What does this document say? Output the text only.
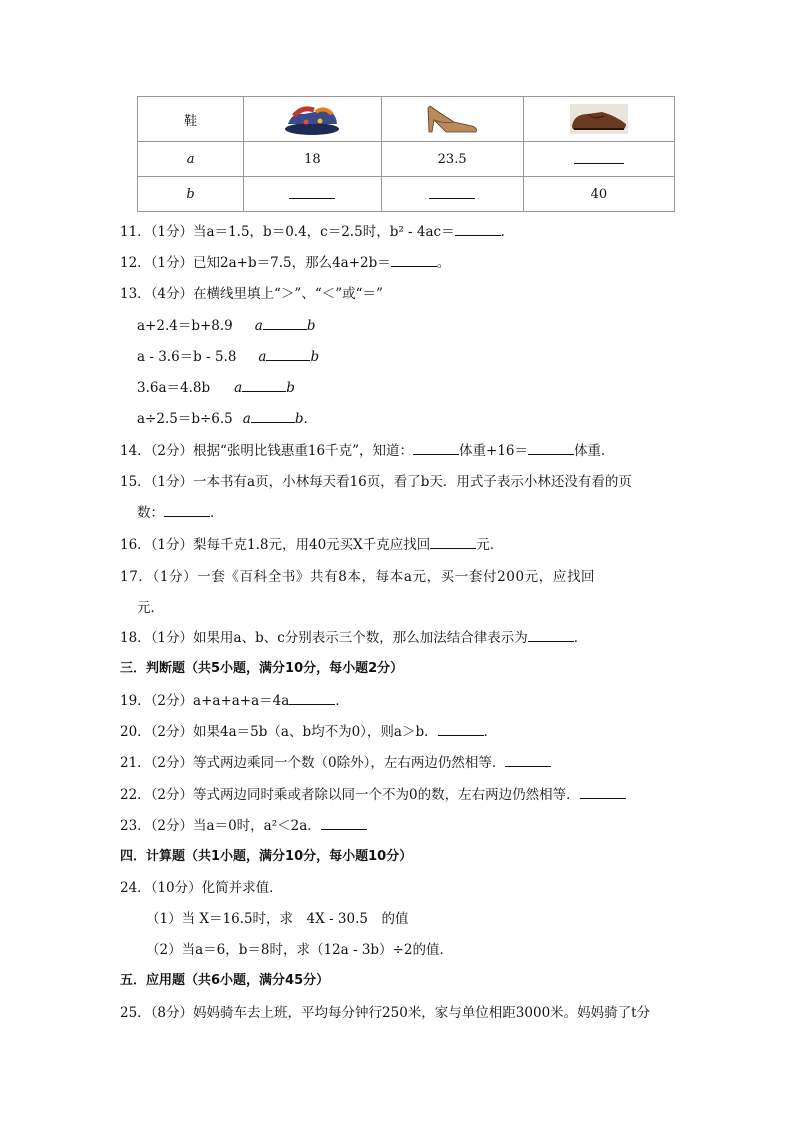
鞋	

a	18	23.5	
b			40
11．（1分）当a＝1.5，b＝0.4，c＝2.5时，b² - 4ac＝	．
12．（1分）已知2a+b＝7.5，那么4a+2b＝	。
13．（4分）在横线里填上“＞”、“＜”或“＝”
a+2.4＝b+8.9 a	b
a - 3.6＝b - 5.8 a	b
3.6a＝4.8b a	b
a÷2.5＝b÷6.5 a	b．
14．（2分）根据“张明比钱惠重16千克”，知道：	体重+16＝	体重．
15．（1分）一本书有a页，小林每天看16页，看了b天．用式子表示小林还没有看的页
数：	．
16．（1分）梨每千克1.8元，用40元买X千克应找回	元．
17．（1分）一套《百科全书》共有8本，每本a元，买一套付200元，应找回
元．
18．（1分）如果用a、b、c分别表示三个数，那么加法结合律表示为	．
三．判断题（共5小题，满分10分，每小题2分）
19．（2分）a+a+a+a＝4a	．
20．（2分）如果4a＝5b（a、b均不为0），则a＞b．	．
21．（2分）等式两边乘同一个数（0除外），左右两边仍然相等．
22．（2分）等式两边同时乘或者除以同一个不为0的数，左右两边仍然相等．
23．（2分）当a＝0时，a²＜2a．
四．计算题（共1小题，满分10分，每小题10分）
24．（10分）化简并求值．
（1）当 X＝16.5时，求　4X - 30.5　的值
（2）当a＝6，b＝8时，求（12a - 3b）÷2的值．
五．应用题（共6小题，满分45分）
25．（8分）妈妈骑车去上班，平均每分钟行250米，家与单位相距3000米。妈妈骑了t分
